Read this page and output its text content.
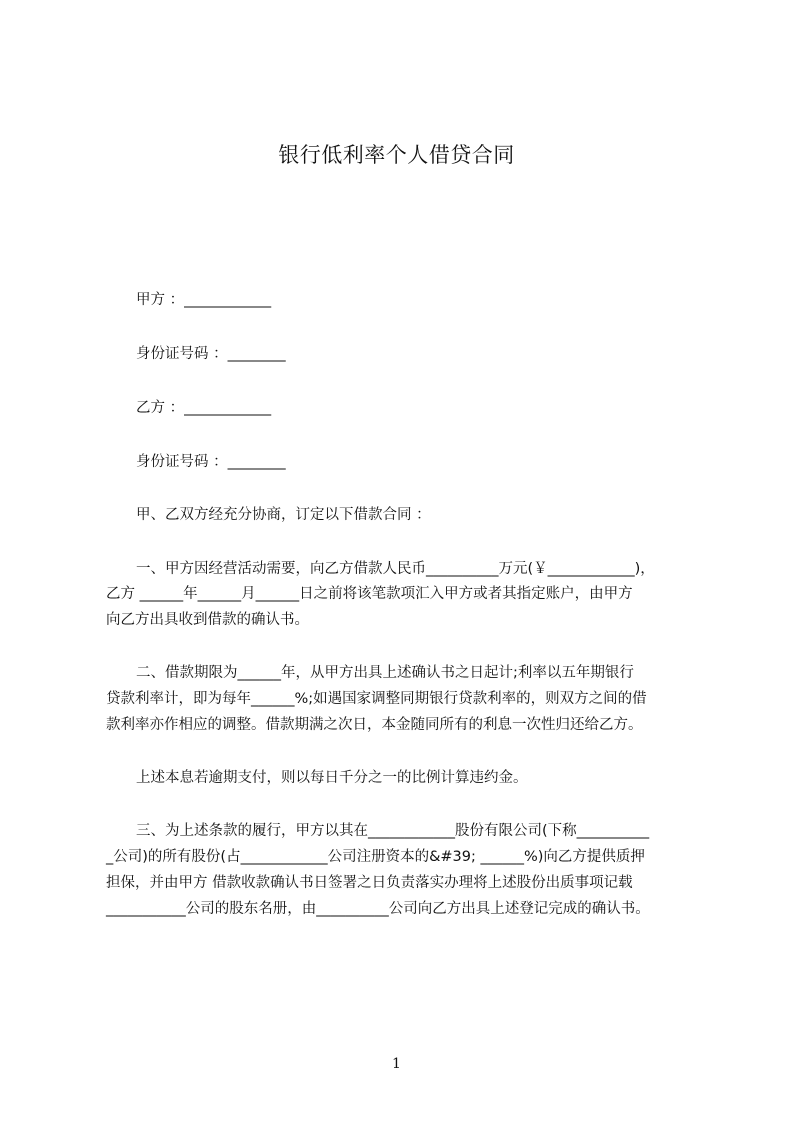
银行低利率个人借贷合同
甲方 ：____________
身份证号码 ：________
乙方 ：____________
身份证号码 ：________
甲、乙双方经充分协商，订定以下借款合同 ：
一、甲方因经营活动需要，向乙方借款人民币__________万元(￥____________)，
乙方 ______年______月______日之前将该笔款项汇入甲方或者其指定账户，由甲方
向乙方出具收到借款的确认书。
二、借款期限为______年，从甲方出具上述确认书之日起计;利率以五年期银行
贷款利率计，即为每年______%;如遇国家调整同期银行贷款利率的，则双方之间的借
款利率亦作相应的调整。借款期满之次日，本金随同所有的利息一次性归还给乙方。
上述本息若逾期支付，则以每日千分之一的比例计算违约金。
三、为上述条款的履行，甲方以其在____________股份有限公司(下称__________
_公司)的所有股份(占____________公司注册资本的&#39; ______%)向乙方提供质押
担保，并由甲方 借款收款确认书日签署之日负责落实办理将上述股份出质事项记载
___________公司的股东名册，由__________公司向乙方出具上述登记完成的确认书。
1
